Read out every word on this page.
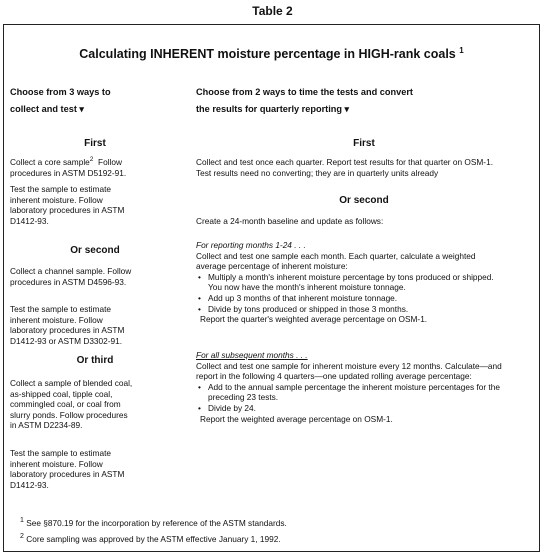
Table 2
Calculating INHERENT moisture percentage in HIGH-rank coals $^1$
Choose from 3 ways to
collect and test ▾
First
Collect a core sample$^2$  Follow
procedures in ASTM D5192-91.
Test the sample to estimate
inherent moisture. Follow
laboratory procedures in ASTM
D1412-93.
Or second
Collect a channel sample. Follow
procedures in ASTM D4596-93.
Test the sample to estimate
inherent moisture. Follow
laboratory procedures in ASTM
D1412-93 or ASTM D3302-91.
Or third
Collect a sample of blended coal,
as-shipped coal, tipple coal,
commingled coal, or coal from
slurry ponds. Follow procedures
in ASTM D2234-89.
Test the sample to estimate
inherent moisture. Follow
laboratory procedures in ASTM
D1412-93.
Choose from 2 ways to time the tests and convert
the results for quarterly reporting ▾
First
Collect and test once each quarter. Report test results for that quarter on OSM-1.
Test results need no converting; they are in quarterly units already
Or second
Create a 24-month baseline and update as follows:
For reporting months 1-24 . . .
Collect and test one sample each month. Each quarter, calculate a weighted
average percentage of inherent moisture:
• Multiply a month's inherent moisture percentage by tons produced or shipped.
You now have the month's inherent moisture tonnage.
• Add up 3 months of that inherent moisture tonnage.
• Divide by tons produced or shipped in those 3 months.
Report the quarter's weighted average percentage on OSM-1.
For all subsequent months . . .
Collect and test one sample for inherent moisture every 12 months. Calculate—and
report in the following 4 quarters—one updated rolling average percentage:
• Add to the annual sample percentage the inherent moisture percentages for the
preceding 23 tests.
• Divide by 24.
Report the weighted average percentage on OSM-1.
$^1$ See §870.19 for the incorporation by reference of the ASTM standards.
$^2$ Core sampling was approved by the ASTM effective January 1, 1992.
